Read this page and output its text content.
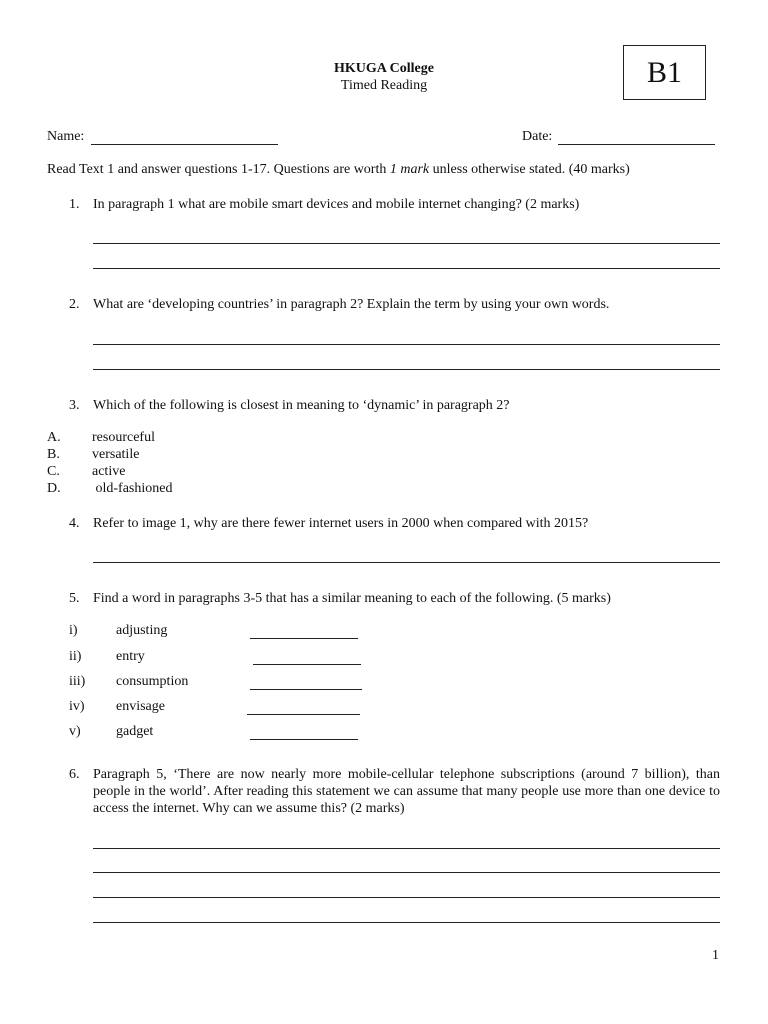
HKUGA College
Timed Reading	B1
Name:	Date:
Read Text 1 and answer questions 1-17. Questions are worth 1 mark unless otherwise stated. (40 marks)
1. In paragraph 1 what are mobile smart devices and mobile internet changing? (2 marks)
2. What are ‘developing countries’ in paragraph 2? Explain the term by using your own words.
3. Which of the following is closest in meaning to ‘dynamic’ in paragraph 2?
A. resourceful
B. versatile
C. active
D. old-fashioned
4. Refer to image 1, why are there fewer internet users in 2000 when compared with 2015?
5. Find a word in paragraphs 3-5 that has a similar meaning to each of the following. (5 marks)
i)	adjusting
ii) entry
iii) consumption
iv) envisage
v)	gadget
6. Paragraph 5, ‘There are now nearly more mobile-cellular telephone subscriptions (around 7 billion), than people in the world’. After reading this statement we can assume that many people use more than one device to access the internet. Why can we assume this? (2 marks)
1
